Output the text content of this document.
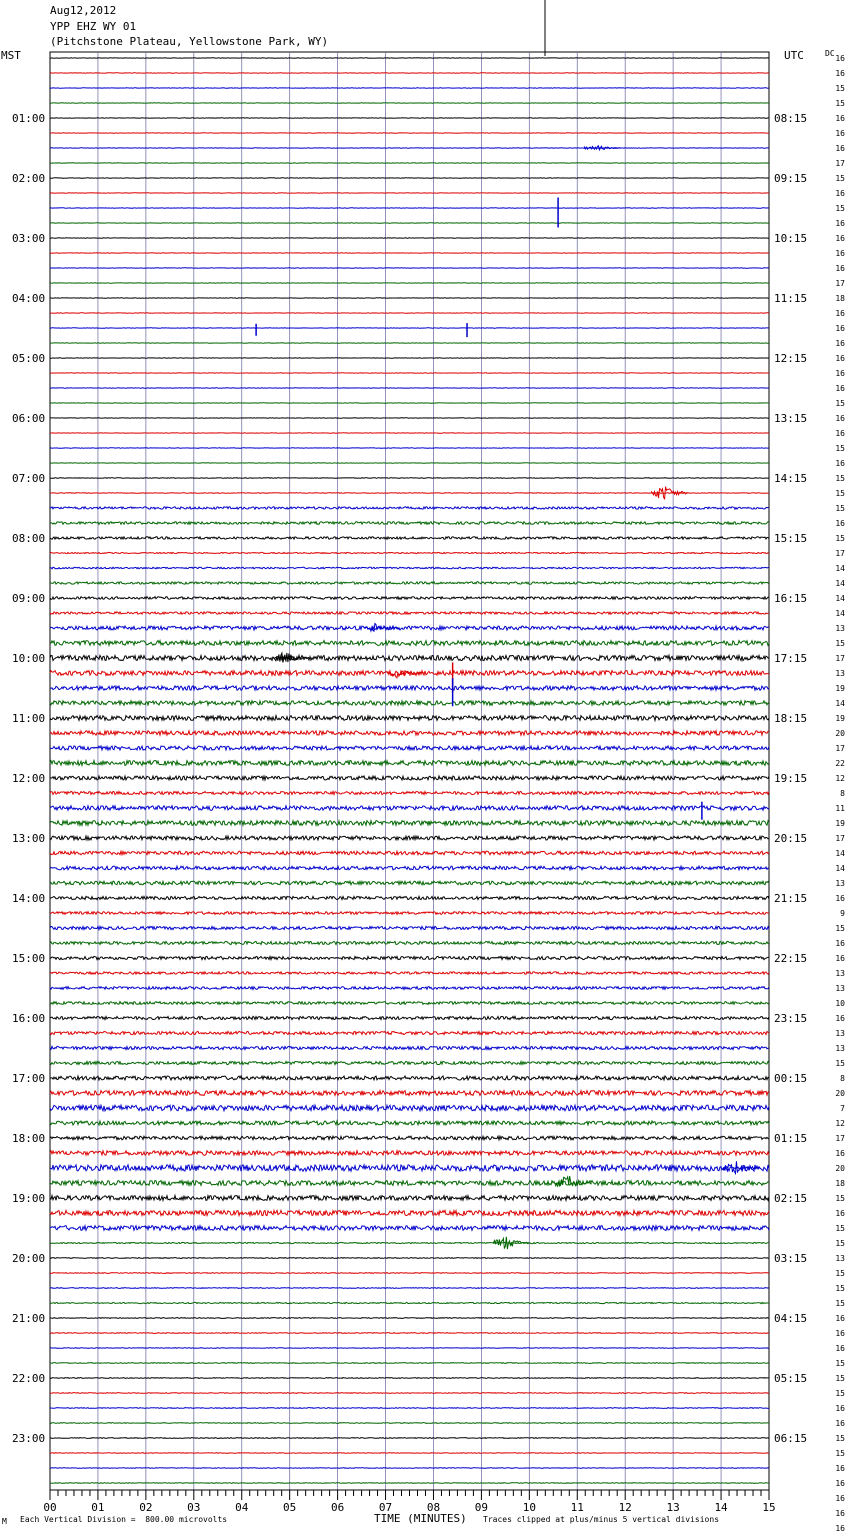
Aug12,2012
YPP EHZ WY 01
(Pitchstone Plateau, Yellowstone Park, WY)
MST	UTC	DC
01:00
02:00
03:00
04:00
05:00
06:00
07:00
08:00
09:00
10:00
11:00
12:00
13:00
14:00
15:00
16:00
17:00
18:00
19:00
20:00
21:00
22:00
23:00
08:15
09:15
10:15
11:15
12:15
13:15
14:15
15:15
16:15
17:15
18:15
19:15
20:15
21:15
22:15
23:15
00:15
01:15
02:15
03:15
04:15
05:15
06:15
16
16
15
15
16
16
16
17
15
16
15
16
16
16
16
17
18
16
16
16
16
16
16
15
16
16
15
16
15
15
15
16
15
17
14
14
14
14
13
15
17
13
19
14
19
20
17
22
12
8
11
19
17
14
14
13
16
9
15
16
16
13
13
10
16
13
13
15
8
20
7
12
17
16
20
18
15
16
15
15
13
15
15
15
16
16
16
15
15
15
16
16
15
15
16
16
16
16
16
00	01	02	03	04	05	06	07	08	09	10	11	12	13	14	15
M Each Vertical Division =  800.00 microvolts	TIME (MINUTES) Traces clipped at plus/minus 5 vertical divisions
